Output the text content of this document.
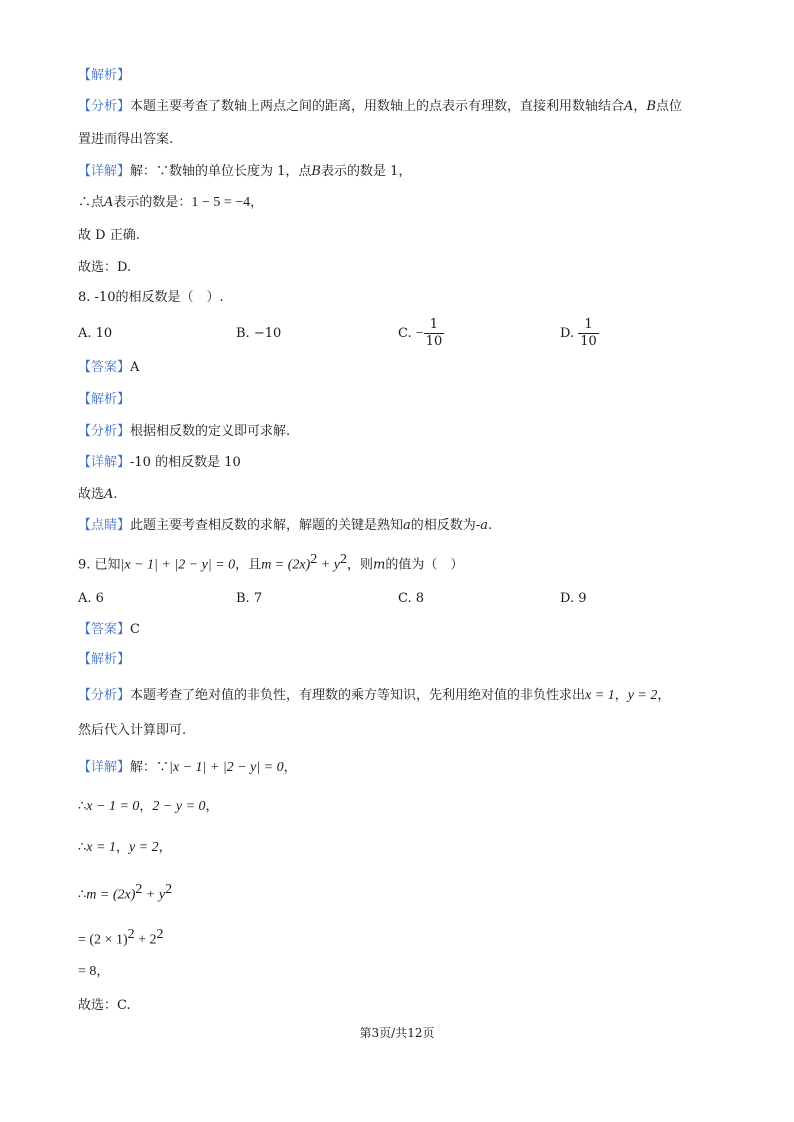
【解析】
【分析】本题主要考查了数轴上两点之间的距离，用数轴上的点表示有理数，直接利用数轴结合A，B点位
置进而得出答案.
【详解】解：∵数轴的单位长度为 1，点B表示的数是 1，
∴点A表示的数是：1 − 5 = −4，
故 D 正确.
故选：D.
8. -10的相反数是（　）.
A. 10	B. −10	C. − $\frac{1}{10}$	D. $\frac{1}{10}$
【答案】A
【解析】
【分析】根据相反数的定义即可求解.
【详解】-10 的相反数是 10
故选A.
【点睛】此题主要考查相反数的求解，解题的关键是熟知a的相反数为-a.
9. 已知|x − 1| + |2 − y| = 0，且$m = (2x)^2 + y^2$，则m的值为（　）
A. 6	B. 7	C. 8	D. 9
【答案】C
【解析】
【分析】本题考查了绝对值的非负性，有理数的乘方等知识，先利用绝对值的非负性求出x = 1，y = 2，
然后代入计算即可.
【详解】解：∵|x − 1| + |2 − y| = 0，
∴x − 1 = 0，2 − y = 0，
∴x = 1，y = 2，
∴m = $(2x)^2 + y^2$
= $(2 \times 1)^2 + 2^2$
= 8，
故选：C.
第3页/共12页
